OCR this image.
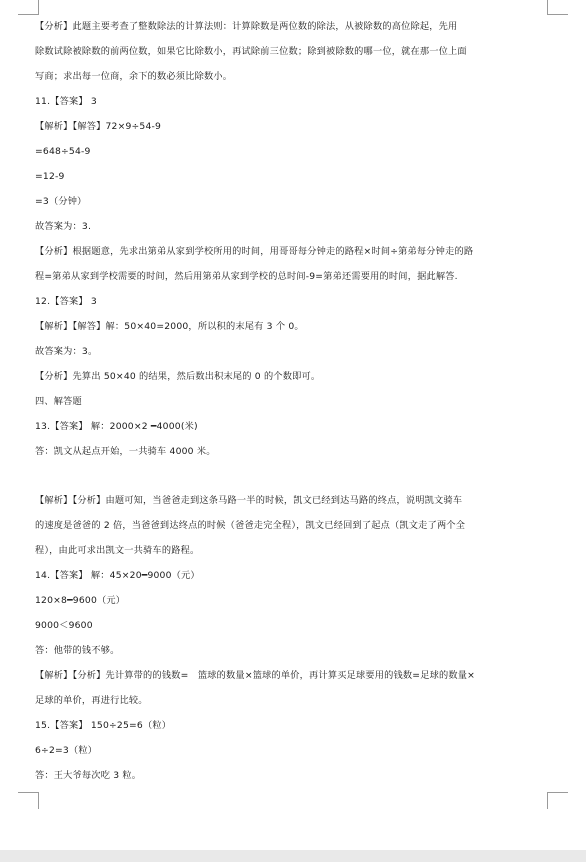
【分析】此题主要考查了整数除法的计算法则：计算除数是两位数的除法，从被除数的高位除起，先用
除数试除被除数的前两位数，如果它比除数小，再试除前三位数；除到被除数的哪一位，就在那一位上面
写商；求出每一位商，余下的数必须比除数小。
11.【答案】 3
【解析】【解答】72×9÷54-9
=648÷54-9
=12-9
=3（分钟）
故答案为：3.
【分析】根据题意，先求出第弟从家到学校所用的时间，用哥哥每分钟走的路程×时间÷第弟每分钟走的路
程=第弟从家到学校需要的时间，然后用第弟从家到学校的总时间-9=第弟还需要用的时间，据此解答.
12.【答案】 3
【解析】【解答】解：50×40=2000，所以积的末尾有 3 个 0。
故答案为：3。
【分析】先算出 50×40 的结果，然后数出积末尾的 0 的个数即可。
四、解答题
13.【答案】 解：2000×2 ━4000(米)
答：凯文从起点开始，一共骑车 4000 米。
【解析】【分析】由题可知，当爸爸走到这条马路一半的时候，凯文已经到达马路的终点，说明凯文骑车
的速度是爸爸的 2 倍，当爸爸到达终点的时候（爸爸走完全程），凯文已经回到了起点（凯文走了两个全
程），由此可求出凯文一共骑车的路程。
14.【答案】 解：45×20━9000（元）
120×8━9600（元）
9000＜9600
答：他带的钱不够。
【解析】【分析】先计算带的的钱数=　篮球的数量×篮球的单价，再计算买足球要用的钱数=足球的数量×
足球的单价，再进行比较。
15.【答案】 150÷25=6（粒）
6÷2=3（粒）
答：王大爷每次吃 3 粒。
